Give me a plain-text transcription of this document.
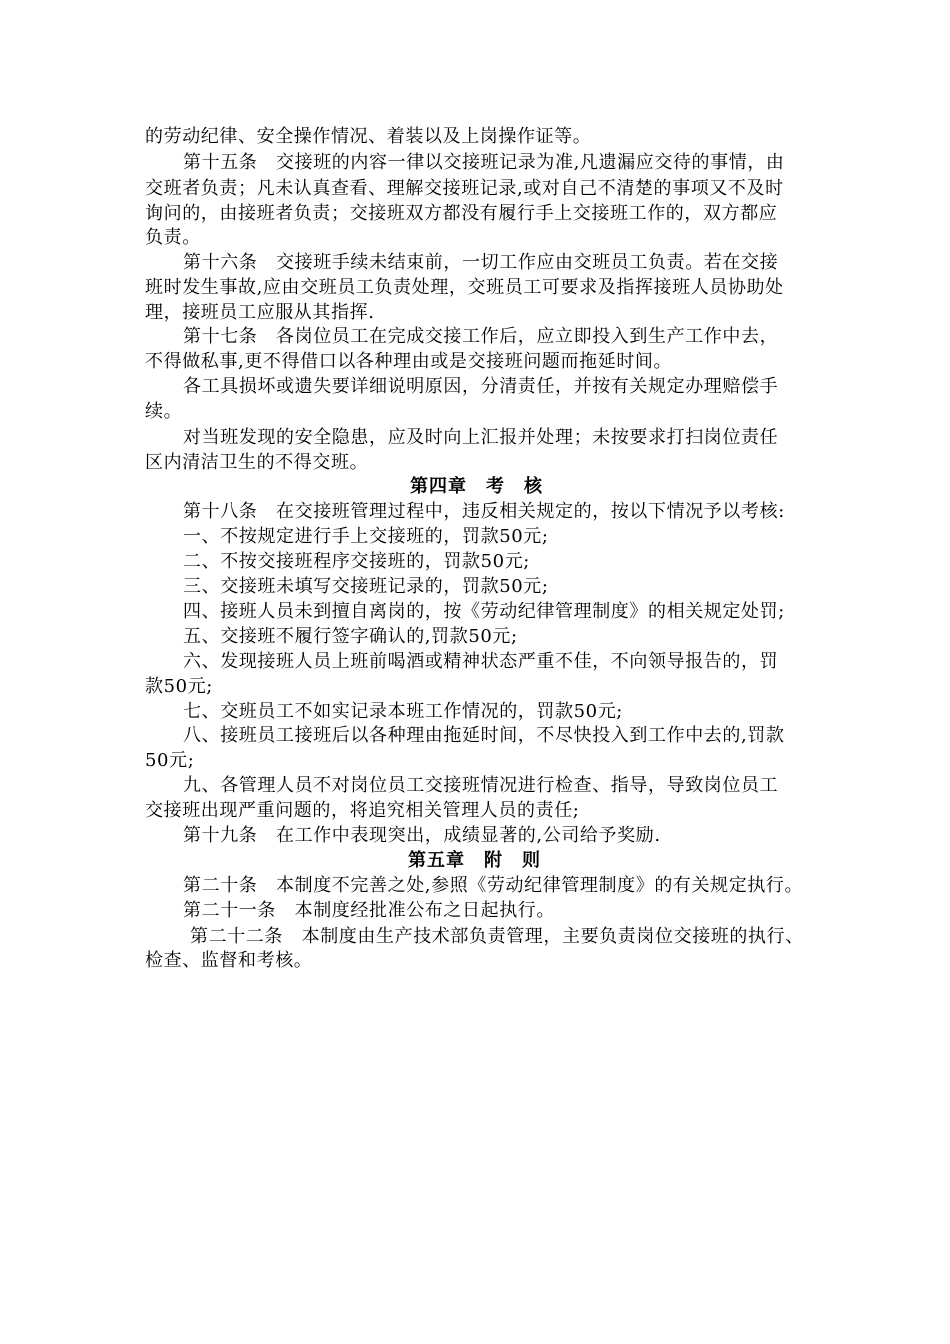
的劳动纪律、安全操作情况、着装以及上岗操作证等。
第十五条　交接班的内容一律以交接班记录为准,凡遗漏应交待的事情，由
交班者负责；凡未认真查看、理解交接班记录,或对自己不清楚的事项又不及时
询问的，由接班者负责；交接班双方都没有履行手上交接班工作的，双方都应
负责。
第十六条　交接班手续未结束前，一切工作应由交班员工负责。若在交接
班时发生事故,应由交班员工负责处理，交班员工可要求及指挥接班人员协助处
理，接班员工应服从其指挥.
第十七条　各岗位员工在完成交接工作后，应立即投入到生产工作中去，
不得做私事,更不得借口以各种理由或是交接班问题而拖延时间。
各工具损坏或遗失要详细说明原因，分清责任，并按有关规定办理赔偿手
续。
对当班发现的安全隐患，应及时向上汇报并处理；未按要求打扫岗位责任
区内清洁卫生的不得交班。
第四章　考　核
第十八条　在交接班管理过程中，违反相关规定的，按以下情况予以考核:
一、不按规定进行手上交接班的，罚款50元;
二、不按交接班程序交接班的，罚款50元;
三、交接班未填写交接班记录的，罚款50元;
四、接班人员未到擅自离岗的，按《劳动纪律管理制度》的相关规定处罚;
五、交接班不履行签字确认的,罚款50元;
六、发现接班人员上班前喝酒或精神状态严重不佳，不向领导报告的，罚
款50元;
七、交班员工不如实记录本班工作情况的，罚款50元;
八、接班员工接班后以各种理由拖延时间，不尽快投入到工作中去的,罚款
50元;
九、各管理人员不对岗位员工交接班情况进行检查、指导，导致岗位员工
交接班出现严重问题的，将追究相关管理人员的责任;
第十九条　在工作中表现突出，成绩显著的,公司给予奖励.
第五章　附　则
第二十条　本制度不完善之处,参照《劳动纪律管理制度》的有关规定执行。
第二十一条　本制度经批准公布之日起执行。
第二十二条　本制度由生产技术部负责管理，主要负责岗位交接班的执行、
检查、监督和考核。
